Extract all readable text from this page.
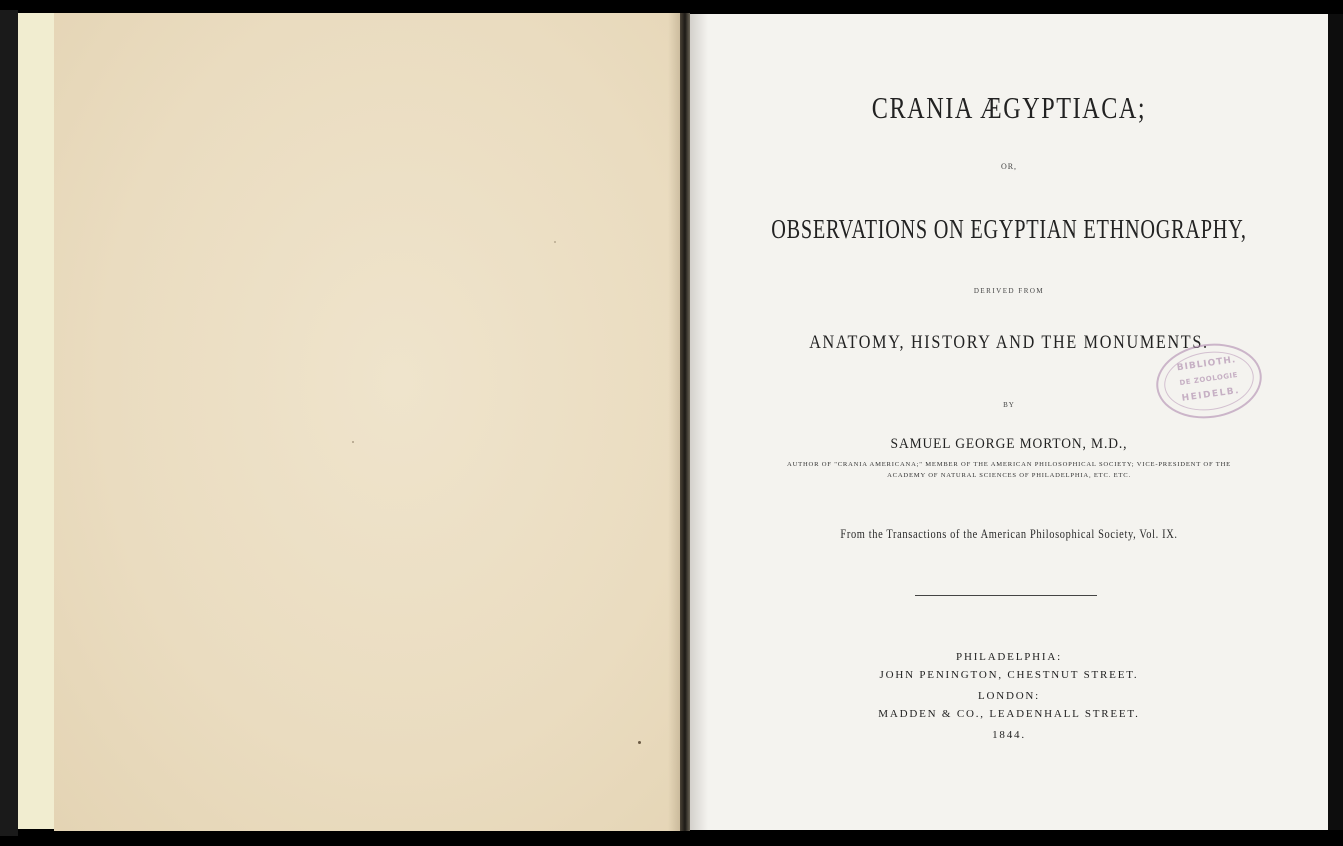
CRANIA ÆGYPTIACA;
OR,
OBSERVATIONS ON EGYPTIAN ETHNOGRAPHY,
DERIVED FROM
ANATOMY, HISTORY AND THE MONUMENTS.
BY
SAMUEL GEORGE MORTON, M.D.,
AUTHOR OF "CRANIA AMERICANA;" MEMBER OF THE AMERICAN PHILOSOPHICAL SOCIETY; VICE-PRESIDENT OF THE
ACADEMY OF NATURAL SCIENCES OF PHILADELPHIA, ETC. ETC.
From the Transactions of the American Philosophical Society, Vol. IX.
PHILADELPHIA:
JOHN PENINGTON, CHESTNUT STREET.
LONDON:
MADDEN & CO., LEADENHALL STREET.
1844.
BIBLIOTH.
DE ZOOLOGIE
HEIDELB.
